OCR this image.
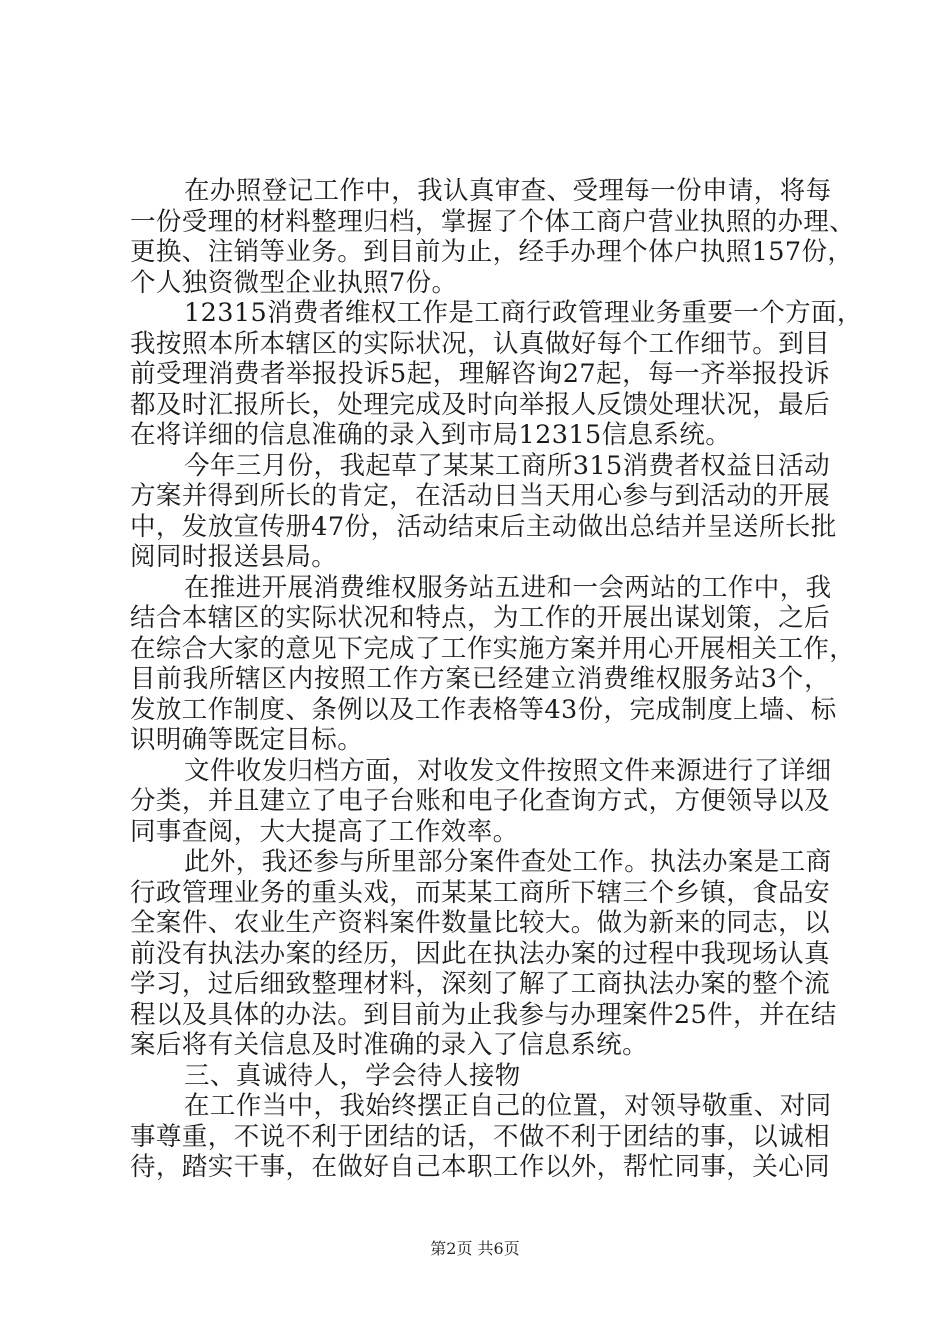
在办照登记工作中，我认真审查、受理每一份申请，将每
一份受理的材料整理归档，掌握了个体工商户营业执照的办理、
更换、注销等业务。到目前为止，经手办理个体户执照157份，
个人独资微型企业执照7份。
12315消费者维权工作是工商行政管理业务重要一个方面，
我按照本所本辖区的实际状况，认真做好每个工作细节。到目
前受理消费者举报投诉5起，理解咨询27起，每一齐举报投诉
都及时汇报所长，处理完成及时向举报人反馈处理状况，最后
在将详细的信息准确的录入到市局12315信息系统。
今年三月份，我起草了某某工商所315消费者权益日活动
方案并得到所长的肯定，在活动日当天用心参与到活动的开展
中，发放宣传册47份，活动结束后主动做出总结并呈送所长批
阅同时报送县局。
在推进开展消费维权服务站五进和一会两站的工作中，我
结合本辖区的实际状况和特点，为工作的开展出谋划策，之后
在综合大家的意见下完成了工作实施方案并用心开展相关工作，
目前我所辖区内按照工作方案已经建立消费维权服务站3个，
发放工作制度、条例以及工作表格等43份，完成制度上墙、标
识明确等既定目标。
文件收发归档方面，对收发文件按照文件来源进行了详细
分类，并且建立了电子台账和电子化查询方式，方便领导以及
同事查阅，大大提高了工作效率。
此外，我还参与所里部分案件查处工作。执法办案是工商
行政管理业务的重头戏，而某某工商所下辖三个乡镇，食品安
全案件、农业生产资料案件数量比较大。做为新来的同志，以
前没有执法办案的经历，因此在执法办案的过程中我现场认真
学习，过后细致整理材料，深刻了解了工商执法办案的整个流
程以及具体的办法。到目前为止我参与办理案件25件，并在结
案后将有关信息及时准确的录入了信息系统。
三、真诚待人，学会待人接物
在工作当中，我始终摆正自己的位置，对领导敬重、对同
事尊重，不说不利于团结的话，不做不利于团结的事，以诚相
待，踏实干事，在做好自己本职工作以外，帮忙同事，关心同
第2页 共6页
